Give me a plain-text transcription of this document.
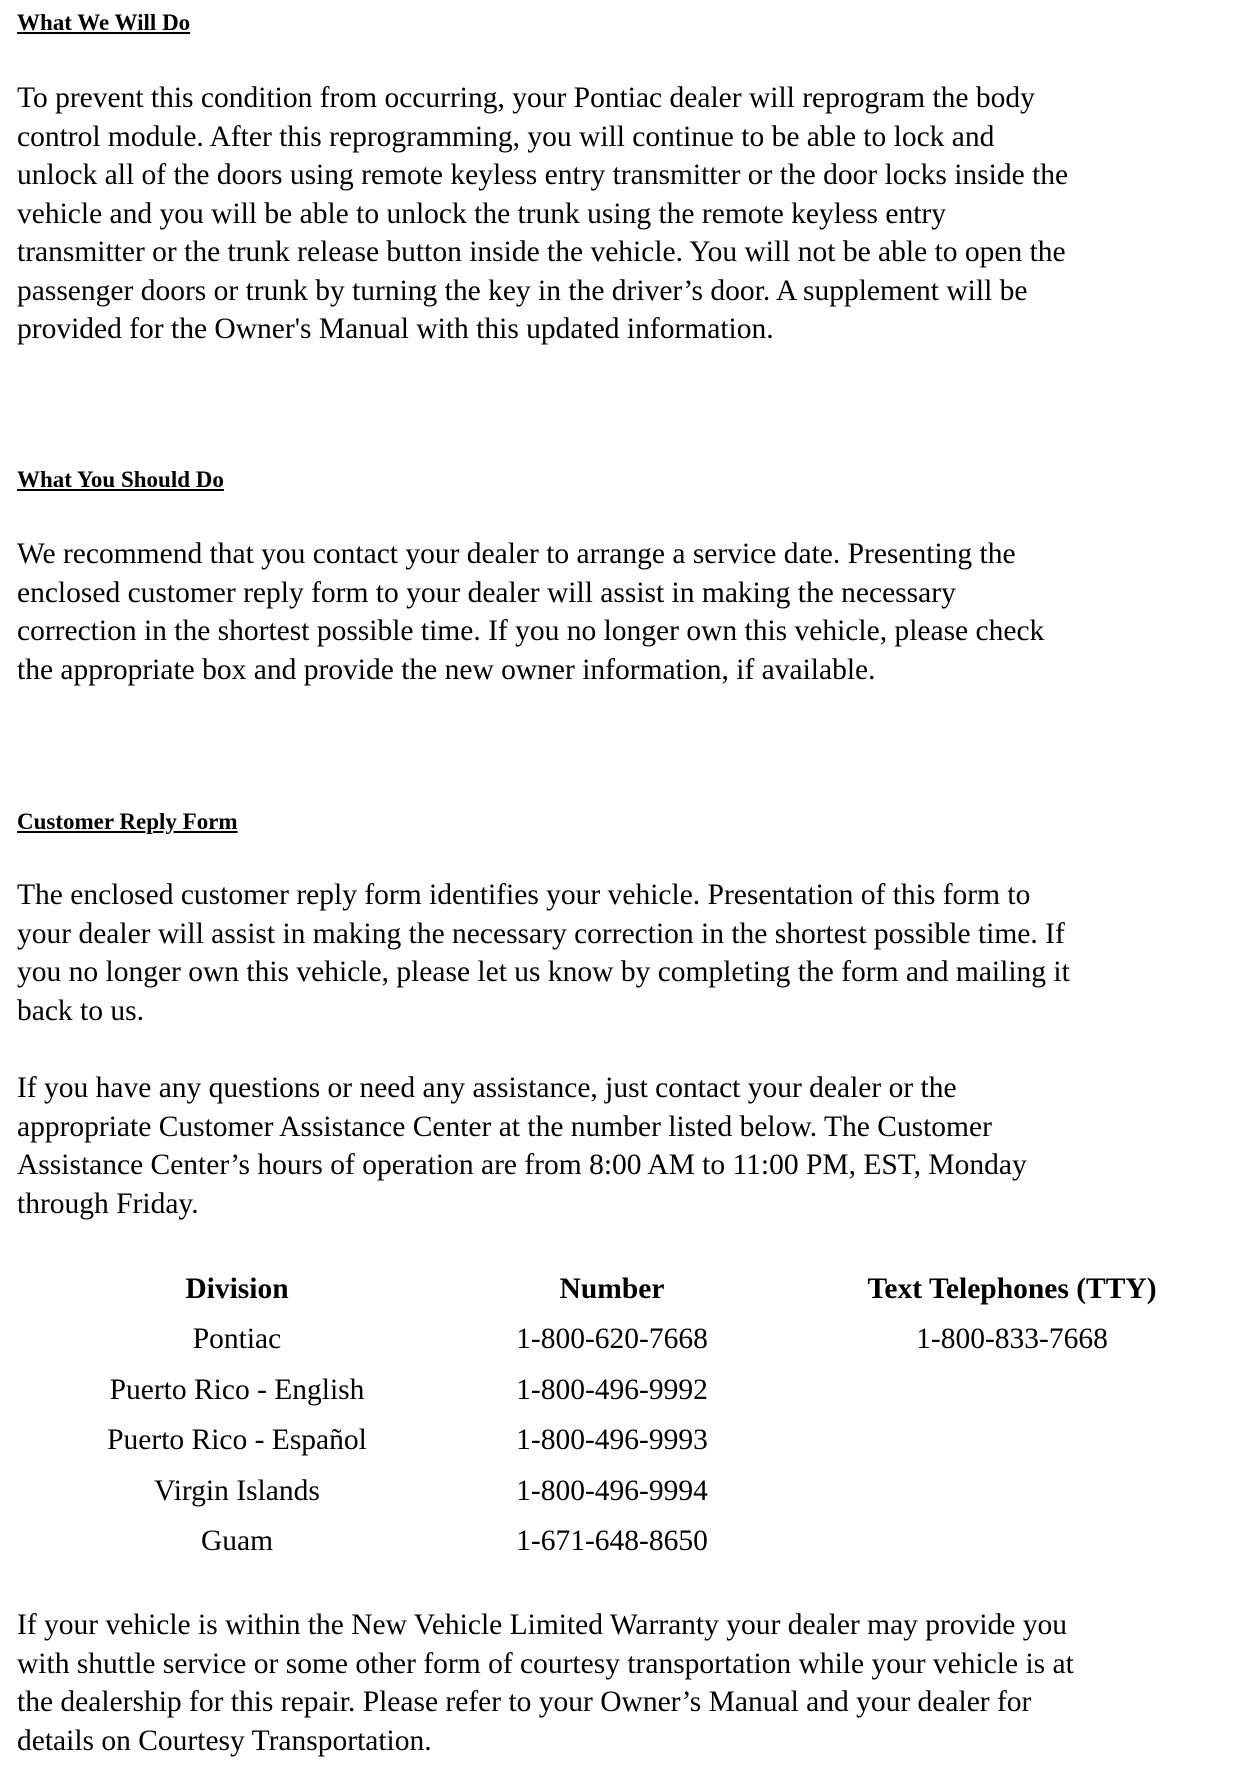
What We Will Do
To prevent this condition from occurring, your Pontiac dealer will reprogram the body
control module. After this reprogramming, you will continue to be able to lock and
unlock all of the doors using remote keyless entry transmitter or the door locks inside the
vehicle and you will be able to unlock the trunk using the remote keyless entry
transmitter or the trunk release button inside the vehicle. You will not be able to open the
passenger doors or trunk by turning the key in the driver’s door. A supplement will be
provided for the Owner's Manual with this updated information.
What You Should Do
We recommend that you contact your dealer to arrange a service date. Presenting the
enclosed customer reply form to your dealer will assist in making the necessary
correction in the shortest possible time. If you no longer own this vehicle, please check
the appropriate box and provide the new owner information, if available.
Customer Reply Form
The enclosed customer reply form identifies your vehicle. Presentation of this form to
your dealer will assist in making the necessary correction in the shortest possible time. If
you no longer own this vehicle, please let us know by completing the form and mailing it
back to us.
If you have any questions or need any assistance, just contact your dealer or the
appropriate Customer Assistance Center at the number listed below. The Customer
Assistance Center’s hours of operation are from 8:00 AM to 11:00 PM, EST, Monday
through Friday.
Division	Number	Text Telephones (TTY)
Pontiac	1-800-620-7668	1-800-833-7668
Puerto Rico - English	1-800-496-9992
Puerto Rico - Español	1-800-496-9993
Virgin Islands	1-800-496-9994
Guam	1-671-648-8650
If your vehicle is within the New Vehicle Limited Warranty your dealer may provide you
with shuttle service or some other form of courtesy transportation while your vehicle is at
the dealership for this repair. Please refer to your Owner’s Manual and your dealer for
details on Courtesy Transportation.
